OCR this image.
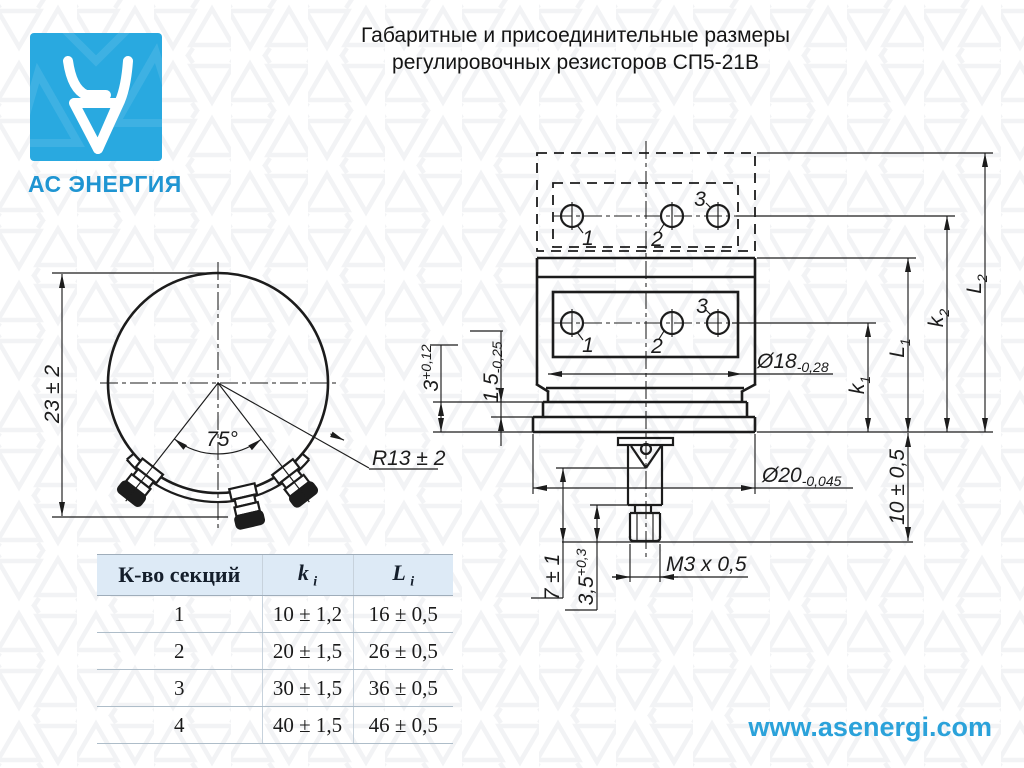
АС ЭНЕРГИЯ
Габаритные и присоединительные размеры
регулировочных резисторов СП5-21В
75°
R13 ± 2
23 ± 2
1	2
3
1	2
3
$3^{+0,12}$
1,5-0,25	Ø18-0,28
Ø20-0,045
$k_1$
$L_1$
$k_2$
$L_2$
10 ± 0,5
7 ± 1 $3,5^{+0,3}$	М3 х 0,5
К-во секций	k  $_i$	L  $_i$
1	10 ± 1,2	16 ± 0,5
2	20 ± 1,5	26 ± 0,5
3	30 ± 1,5	36 ± 0,5
4	40 ± 1,5	46 ± 0,5	www.asenergi.com
